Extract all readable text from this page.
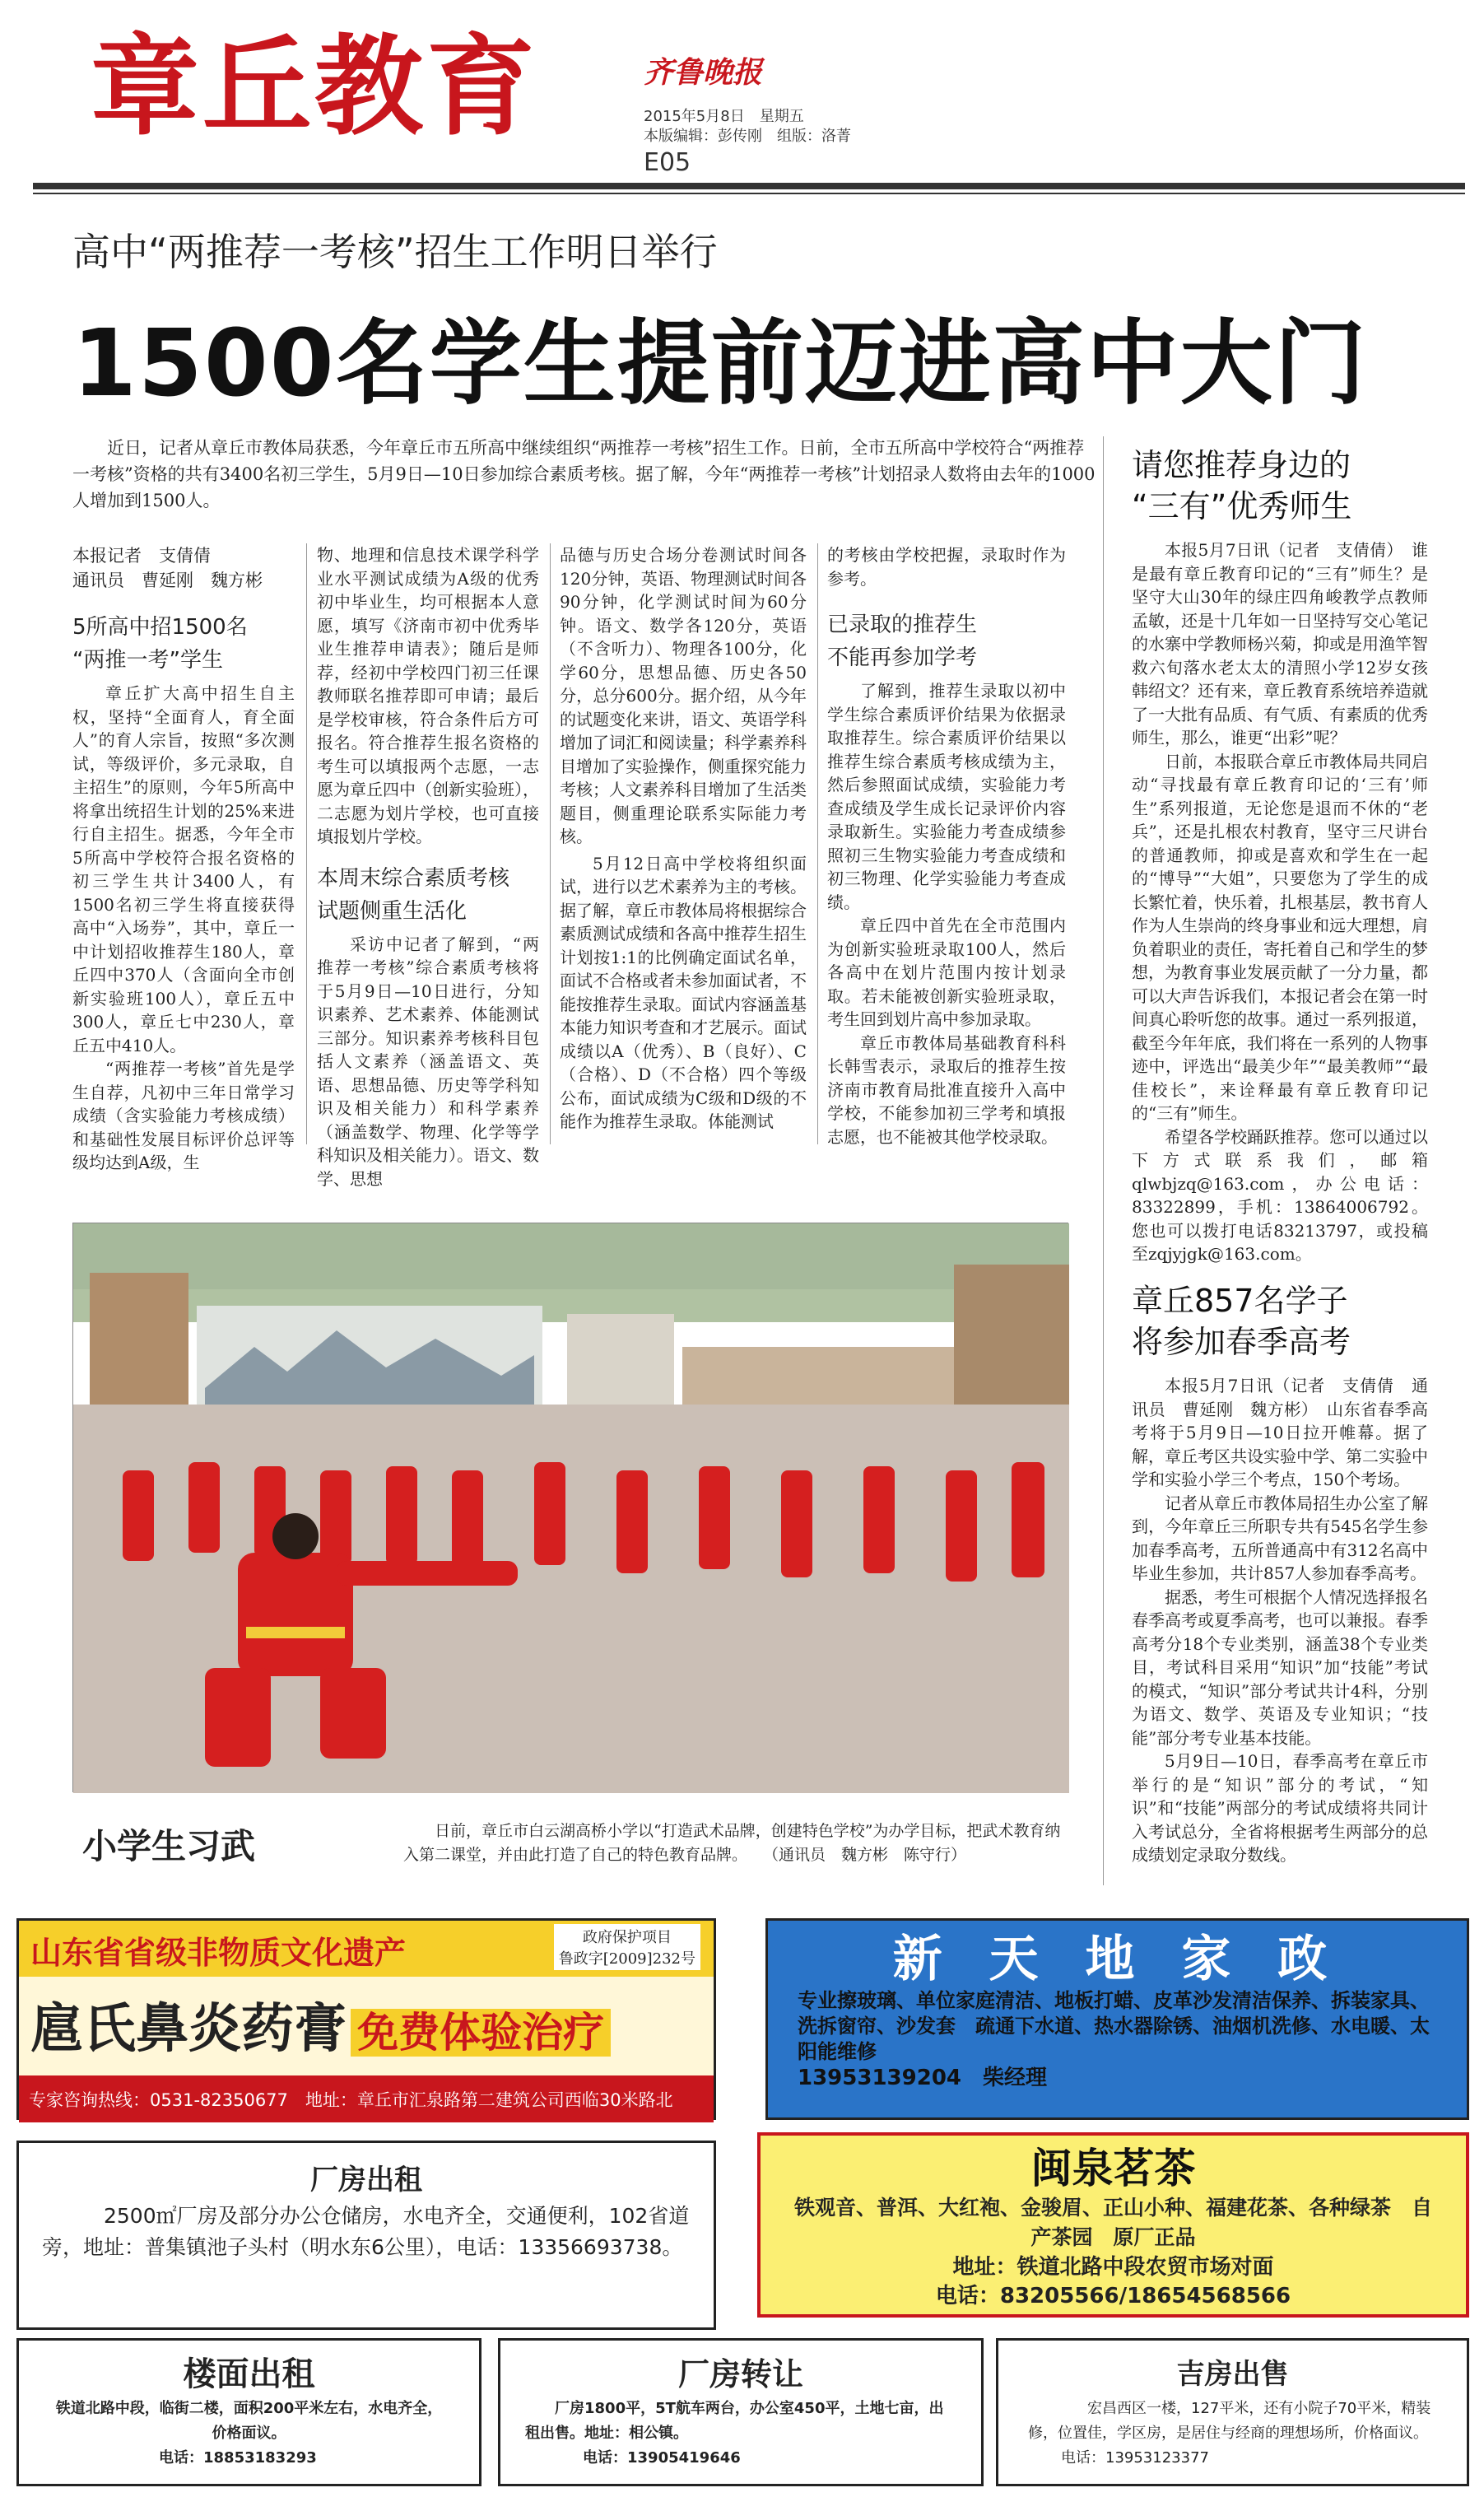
章丘教育	齐鲁晚报
2015年5月8日　星期五
本版编辑：彭传刚　组版：洛菁
E05
高中“两推荐一考核”招生工作明日举行
1500名学生提前迈进高中大门
近日，记者从章丘市教体局获悉，今年章丘市五所高中继续组织“两推荐一考核”招生工作。日前，全市五所高中学校符合“两推荐一考核”资格的共有3400名初三学生，5月9日—10日参加综合素质考核。据了解，今年“两推荐一考核”计划招录人数将由去年的1000人增加到1500人。
本报记者　支倩倩
通讯员　曹延刚　魏方彬
5所高中招1500名
“两推一考”学生

章丘扩大高中招生自主权，坚持“全面育人，育全面人”的育人宗旨，按照“多次测试，等级评价，多元录取，自主招生”的原则，今年5所高中将拿出统招生计划的25%来进行自主招生。据悉，今年全市5所高中学校符合报名资格的初三学生共计3400人，有1500名初三学生将直接获得高中“入场券”，其中，章丘一中计划招收推荐生180人，章丘四中370人（含面向全市创新实验班100人），章丘五中300人，章丘七中230人，章丘五中410人。

“两推荐一考核”首先是学生自荐，凡初中三年日常学习成绩（含实验能力考核成绩）和基础性发展目标评价总评等级均达到A级，生

物、地理和信息技术课学科学业水平测试成绩为A级的优秀初中毕业生，均可根据本人意愿，填写《济南市初中优秀毕业生推荐申请表》；随后是师荐，经初中学校四门初三任课教师联名推荐即可申请；最后是学校审核，符合条件后方可报名。符合推荐生报名资格的考生可以填报两个志愿，一志愿为章丘四中（创新实验班），二志愿为划片学校，也可直接填报划片学校。

本周末综合素质考核
试题侧重生活化

采访中记者了解到，“两推荐一考核”综合素质考核将于5月9日—10日进行，分知识素养、艺术素养、体能测试三部分。知识素养考核科目包括人文素养（涵盖语文、英语、思想品德、历史等学科知识及相关能力）和科学素养（涵盖数学、物理、化学等学科知识及相关能力）。语文、数学、思想

品德与历史合场分卷测试时间各120分钟，英语、物理测试时间各90分钟，化学测试时间为60分钟。语文、数学各120分，英语（不含听力）、物理各100分，化学60分，思想品德、历史各50分，总分600分。据介绍，从今年的试题变化来讲，语文、英语学科增加了词汇和阅读量；科学素养科目增加了实验操作，侧重探究能力考核；人文素养科目增加了生活类题目，侧重理论联系实际能力考核。

5月12日高中学校将组织面试，进行以艺术素养为主的考核。据了解，章丘市教体局将根据综合素质测试成绩和各高中推荐生招生计划按1:1的比例确定面试名单，面试不合格或者未参加面试者，不能按推荐生录取。面试内容涵盖基本能力知识考查和才艺展示。面试成绩以A（优秀）、B（良好）、C（合格）、D（不合格）四个等级公布，面试成绩为C级和D级的不能作为推荐生录取。体能测试

的考核由学校把握，录取时作为参考。

已录取的推荐生
不能再参加学考

了解到，推荐生录取以初中学生综合素质评价结果为依据录取推荐生。综合素质评价结果以推荐生综合素质考核成绩为主，然后参照面试成绩，实验能力考查成绩及学生成长记录评价内容录取新生。实验能力考查成绩参照初三生物实验能力考查成绩和初三物理、化学实验能力考查成绩。

章丘四中首先在全市范围内为创新实验班录取100人，然后各高中在划片范围内按计划录取。若未能被创新实验班录取，考生回到划片高中参加录取。

章丘市教体局基础教育科科长韩雪表示，录取后的推荐生按济南市教育局批准直接升入高中学校，不能参加初三学考和填报志愿，也不能被其他学校录取。

请您推荐身边的
“三有”优秀师生

本报5月7日讯（记者　支倩倩）　谁是最有章丘教育印记的“三有”师生？是坚守大山30年的绿庄四角峻教学点教师孟敏，还是十几年如一日坚持写交心笔记的水寨中学教师杨兴菊，抑或是用渔竿智救六旬落水老太太的清照小学12岁女孩韩绍文？还有来，章丘教育系统培养造就了一大批有品质、有气质、有素质的优秀师生，那么，谁更“出彩”呢？

日前，本报联合章丘市教体局共同启动“寻找最有章丘教育印记的‘三有’师生”系列报道，无论您是退而不休的“老兵”，还是扎根农村教育，坚守三尺讲台的普通教师，抑或是喜欢和学生在一起的“博导”“大姐”，只要您为了学生的成长繁忙着，快乐着，扎根基层，教书育人作为人生崇尚的终身事业和远大理想，肩负着职业的责任，寄托着自己和学生的梦想，为教育事业发展贡献了一分力量，都可以大声告诉我们，本报记者会在第一时间真心聆听您的故事。通过一系列报道，截至今年年底，我们将在一系列的人物事迹中，评选出“最美少年”“最美教师”“最佳校长”，来诠释最有章丘教育印记的“三有”师生。

希望各学校踊跃推荐。您可以通过以下方式联系我们，邮箱qlwbjzq@163.com，办公电话：83322899，手机：13864006792。您也可以拨打电话83213797，或投稿至zqjyjgk@163.com。

章丘857名学子
将参加春季高考

本报5月7日讯（记者　支倩倩　通讯员　曹延刚　魏方彬）　山东省春季高考将于5月9日—10日拉开帷幕。据了解，章丘考区共设实验中学、第二实验中学和实验小学三个考点，150个考场。

记者从章丘市教体局招生办公室了解到，今年章丘三所职专共有545名学生参加春季高考，五所普通高中有312名高中毕业生参加，共计857人参加春季高考。

据悉，考生可根据个人情况选择报名春季高考或夏季高考，也可以兼报。春季高考分18个专业类别，涵盖38个专业类目，考试科目采用“知识”加“技能”考试的模式，“知识”部分考试共计4科，分别为语文、数学、英语及专业知识；“技能”部分考专业基本技能。

5月9日—10日，春季高考在章丘市举行的是“知识”部分的考试，“知识”和“技能”两部分的考试成绩将共同计入考试总分，全省将根据考生两部分的总成绩划定录取分数线。

小学生习武	日前，章丘市白云湖高桥小学以“打造武术品牌，创建特色学校”为办学目标，把武术教育纳入第二课堂，并由此打造了自己的特色教育品牌。　　（通讯员　魏方彬　陈守行）
山东省省级非物质文化遗产	政府保护项目
鲁政字[2009]232号
扈氏鼻炎药膏 免费体验治疗
专家咨询热线：0531-82350677　地址：章丘市汇泉路第二建筑公司西临30米路北
新 天 地 家 政
专业擦玻璃、单位家庭清洁、地板打蜡、皮革沙发清洁保养、拆装家具、洗拆窗帘、沙发套　疏通下水道、热水器除锈、油烟机洗修、水电暖、太阳能维修
13953139204　柴经理
厂房出租
2500㎡厂房及部分办公仓储房，水电齐全，交通便利，102省道旁，地址：普集镇池子头村（明水东6公里），电话：13356693738。
闽泉茗茶
铁观音、普洱、大红袍、金骏眉、正山小种、福建花茶、各种绿茶　自产茶园　原厂正品
地址：铁道北路中段农贸市场对面
电话：83205566/18654568566
楼面出租
铁道北路中段，临街二楼，面积200平米左右，水电齐全，价格面议。
电话：18853183293
厂房转让
厂房1800平，5T航车两台，办公室450平，土地七亩，出租出售。地址：相公镇。
电话：13905419646
吉房出售
宏昌西区一楼，127平米，还有小院子70平米，精装修，位置佳，学区房，是居住与经商的理想场所，价格面议。
电话：13953123377
